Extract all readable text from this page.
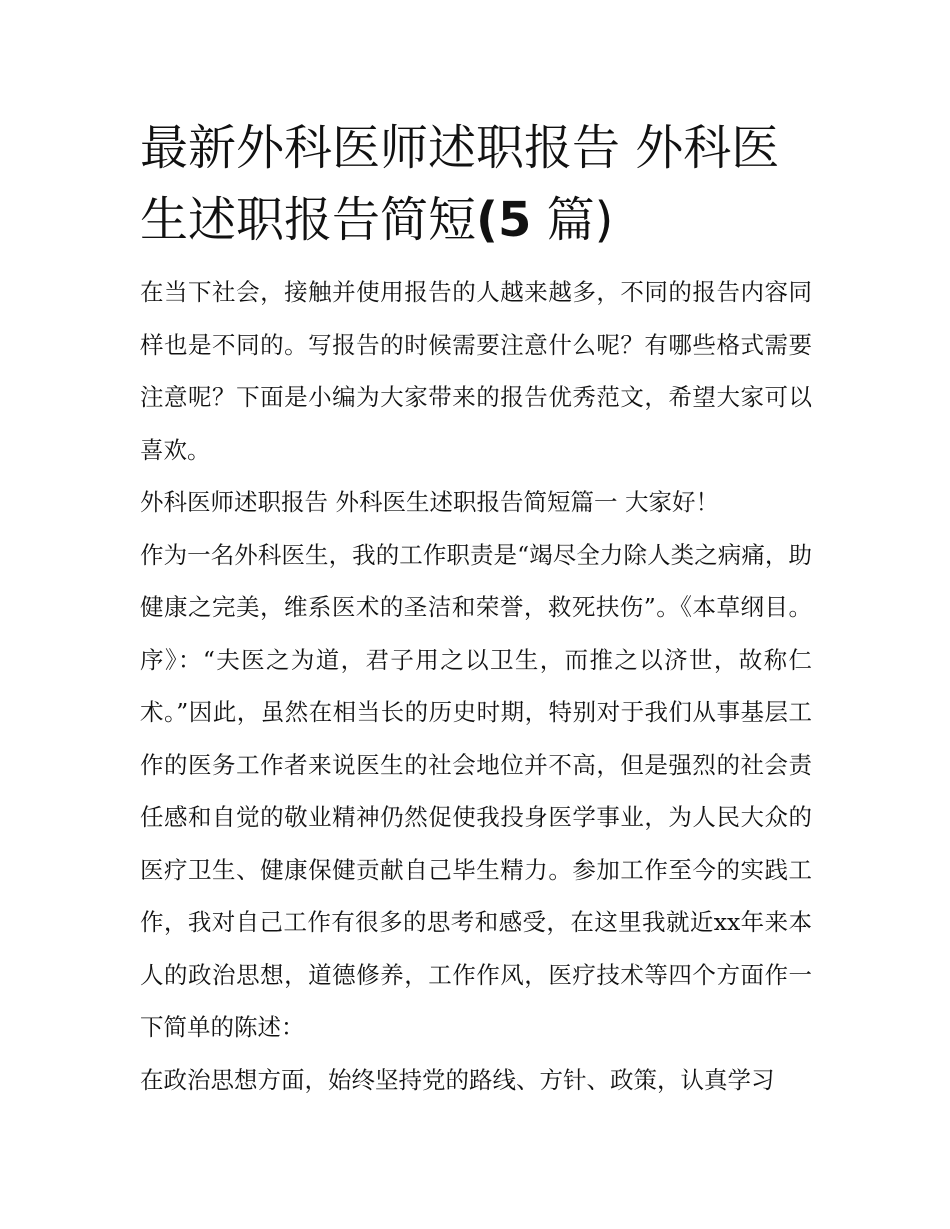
最新外科医师述职报告 外科医生述职报告简短(5 篇)

在当下社会，接触并使用报告的人越来越多，不同的报告内容同样也是不同的。写报告的时候需要注意什么呢？有哪些格式需要注意呢？下面是小编为大家带来的报告优秀范文，希望大家可以喜欢。

外科医师述职报告 外科医生述职报告简短篇一 大家好！

作为一名外科医生，我的工作职责是“竭尽全力除人类之病痛，助健康之完美，维系医术的圣洁和荣誉，救死扶伤”。《本草纲目。序》：“夫医之为道，君子用之以卫生，而推之以济世，故称仁术。”因此，虽然在相当长的历史时期，特别对于我们从事基层工作的医务工作者来说医生的社会地位并不高，但是强烈的社会责任感和自觉的敬业精神仍然促使我投身医学事业，为人民大众的医疗卫生、健康保健贡献自己毕生精力。参加工作至今的实践工作，我对自己工作有很多的思考和感受，在这里我就近xx年来本人的政治思想，道德修养，工作作风，医疗技术等四个方面作一下简单的陈述：

在政治思想方面，始终坚持党的路线、方针、政策，认真学习
